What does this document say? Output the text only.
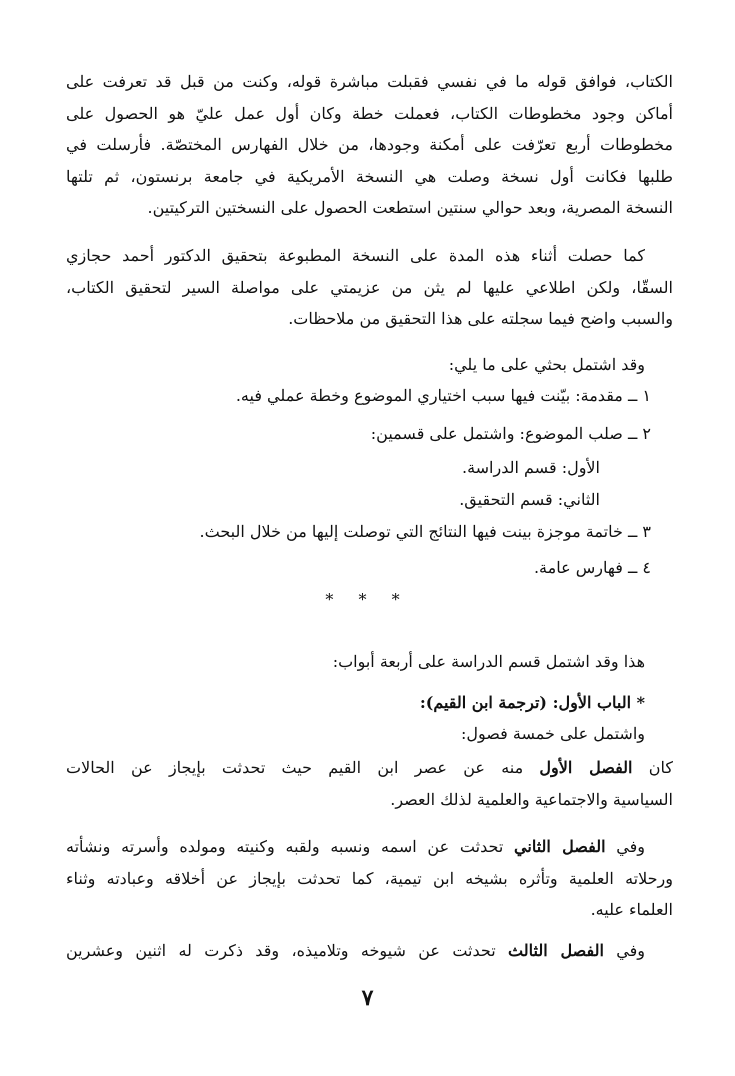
الكتاب، فوافق قوله ما في نفسي فقبلت مباشرة قوله، وكنت من قبل قد تعرفت على
أماكن وجود مخطوطات الكتاب، فعملت خطة وكان أول عمل عليّ هو الحصول على
مخطوطات أربع تعرّفت على أمكنة وجودها، من خلال الفهارس المختصّة. فأرسلت في
طلبها فكانت أول نسخة وصلت هي النسخة الأمريكية في جامعة برنستون، ثم تلتها
النسخة المصرية، وبعد حوالي سنتين استطعت الحصول على النسختين التركيتين.
كما حصلت أثناء هذه المدة على النسخة المطبوعة بتحقيق الدكتور أحمد حجازي
السقّا، ولكن اطلاعي عليها لم يثن من عزيمتي على مواصلة السير لتحقيق الكتاب،
والسبب واضح فيما سجلته على هذا التحقيق من ملاحظات.
وقد اشتمل بحثي على ما يلي:
١ ــ مقدمة: بيّنت فيها سبب اختياري الموضوع وخطة عملي فيه.
٢ ــ صلب الموضوع: واشتمل على قسمين:
الأول: قسم الدراسة.
الثاني: قسم التحقيق.
٣ ــ خاتمة موجزة بينت فيها النتائج التي توصلت إليها من خلال البحث.
٤ ــ فهارس عامة.
* * *
هذا وقد اشتمل قسم الدراسة على أربعة أبواب:
* الباب الأول: (ترجمة ابن القيم):
واشتمل على خمسة فصول:
كان الفصل الأول منه عن عصر ابن القيم حيث تحدثت بإيجاز عن الحالات
السياسية والاجتماعية والعلمية لذلك العصر.
وفي الفصل الثاني تحدثت عن اسمه ونسبه ولقبه وكنيته ومولده وأسرته ونشأته
ورحلاته العلمية وتأثره بشيخه ابن تيمية، كما تحدثت بإيجاز عن أخلاقه وعبادته وثناء
العلماء عليه.
وفي الفصل الثالث تحدثت عن شيوخه وتلاميذه، وقد ذكرت له اثنين وعشرين
٧
